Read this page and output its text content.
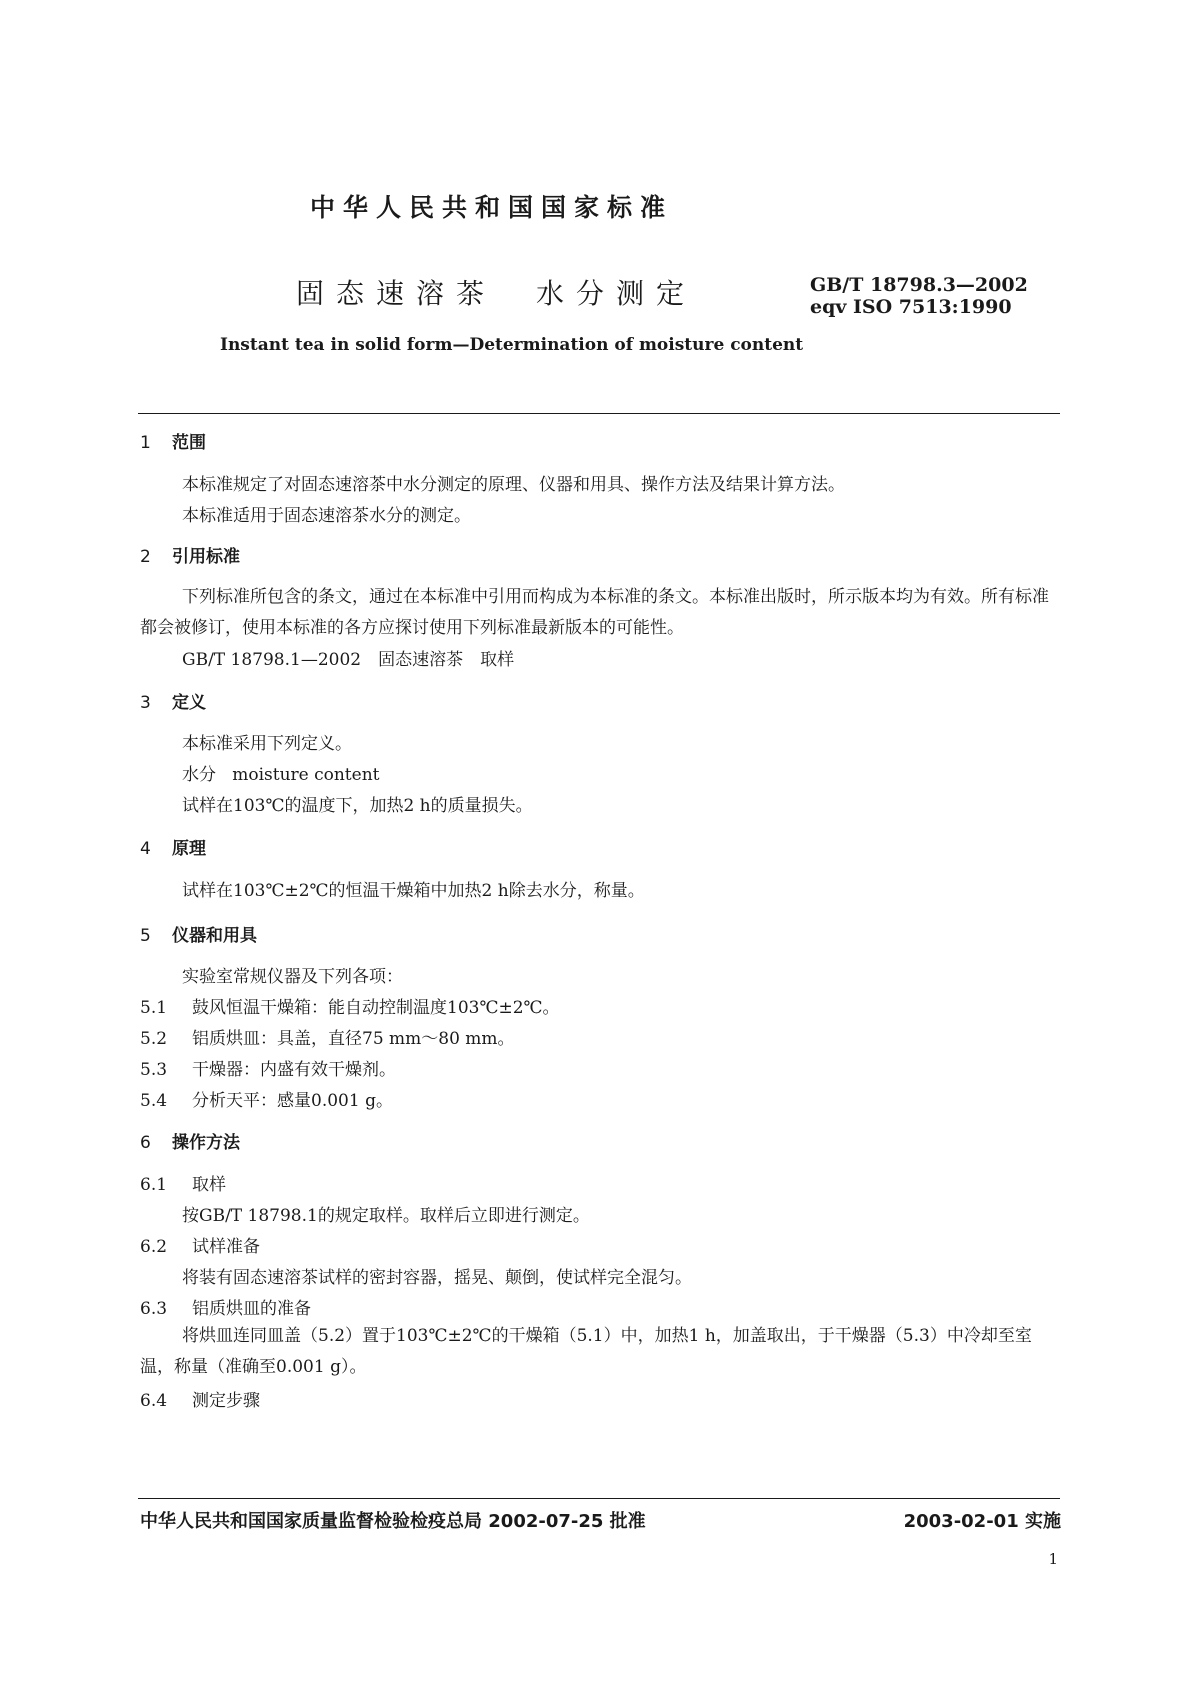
中华人民共和国国家标准
固态速溶茶　水分测定	GB/T 18798.3—2002
eqv ISO 7513:1990
Instant tea in solid form—Determination of moisture content
1 范围
本标准规定了对固态速溶茶中水分测定的原理、仪器和用具、操作方法及结果计算方法。
本标准适用于固态速溶茶水分的测定。
2 引用标准
下列标准所包含的条文，通过在本标准中引用而构成为本标准的条文。本标准出版时，所示版本均为有效。所有标准都会被修订，使用本标准的各方应探讨使用下列标准最新版本的可能性。
GB/T 18798.1—2002　固态速溶茶　取样
3 定义
本标准采用下列定义。
水分 moisture content
试样在103℃的温度下，加热2 h的质量损失。
4 原理
试样在103℃±2℃的恒温干燥箱中加热2 h除去水分，称量。
5 仪器和用具
实验室常规仪器及下列各项：
5.1 鼓风恒温干燥箱：能自动控制温度103℃±2℃。
5.2 铝质烘皿：具盖，直径75 mm～80 mm。
5.3 干燥器：内盛有效干燥剂。
5.4 分析天平：感量0.001 g。
6 操作方法
6.1 取样
按GB/T 18798.1的规定取样。取样后立即进行测定。
6.2 试样准备
将装有固态速溶茶试样的密封容器，摇晃、颠倒，使试样完全混匀。
6.3 铝质烘皿的准备
将烘皿连同皿盖（5.2）置于103℃±2℃的干燥箱（5.1）中，加热1 h，加盖取出，于干燥器（5.3）中冷却至室温，称量（准确至0.001 g）。
6.4 测定步骤
中华人民共和国国家质量监督检验检疫总局 2002-07-25 批准	2003-02-01 实施
1
